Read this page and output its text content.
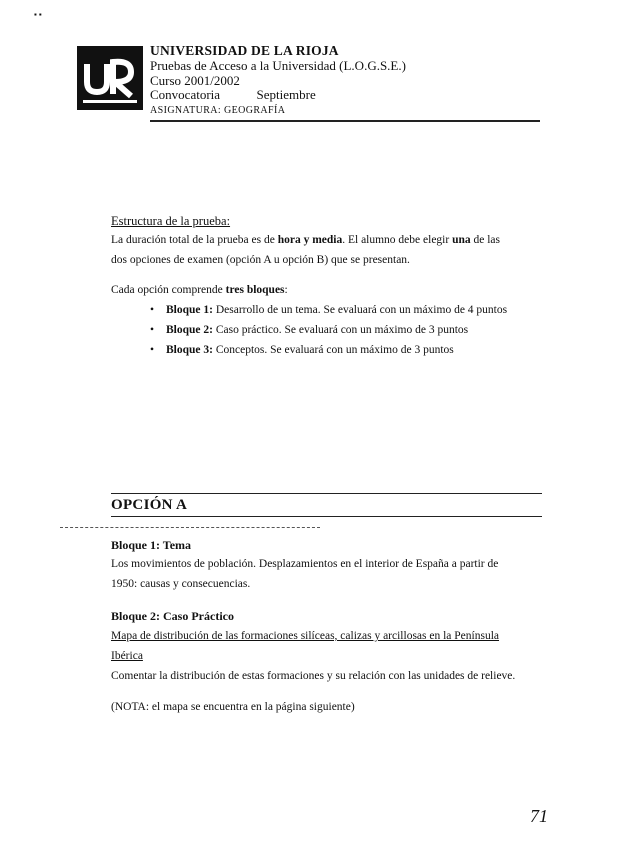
▪ ▪
UNIVERSIDAD DE LA RIOJA
Pruebas de Acceso a la Universidad (L.O.G.S.E.)
Curso 2001/2002
Convocatoria	Septiembre
ASIGNATURA: GEOGRAFÍA
Estructura de la prueba:
La duración total de la prueba es de hora y media. El alumno debe elegir una de las
dos opciones de examen (opción A u opción B) que se presentan.
Cada opción comprende tres bloques:
• Bloque 1: Desarrollo de un tema. Se evaluará con un máximo de 4 puntos
• Bloque 2: Caso práctico. Se evaluará con un máximo de 3 puntos
• Bloque 3: Conceptos. Se evaluará con un máximo de 3 puntos
OPCIÓN A
Bloque 1: Tema
Los movimientos de población. Desplazamientos en el interior de España a partir de
1950: causas y consecuencias.
Bloque 2: Caso Práctico
Mapa de distribución de las formaciones silíceas, calizas y arcillosas en la Península
Ibérica
Comentar la distribución de estas formaciones y su relación con las unidades de relieve.
(NOTA: el mapa se encuentra en la página siguiente)
71
